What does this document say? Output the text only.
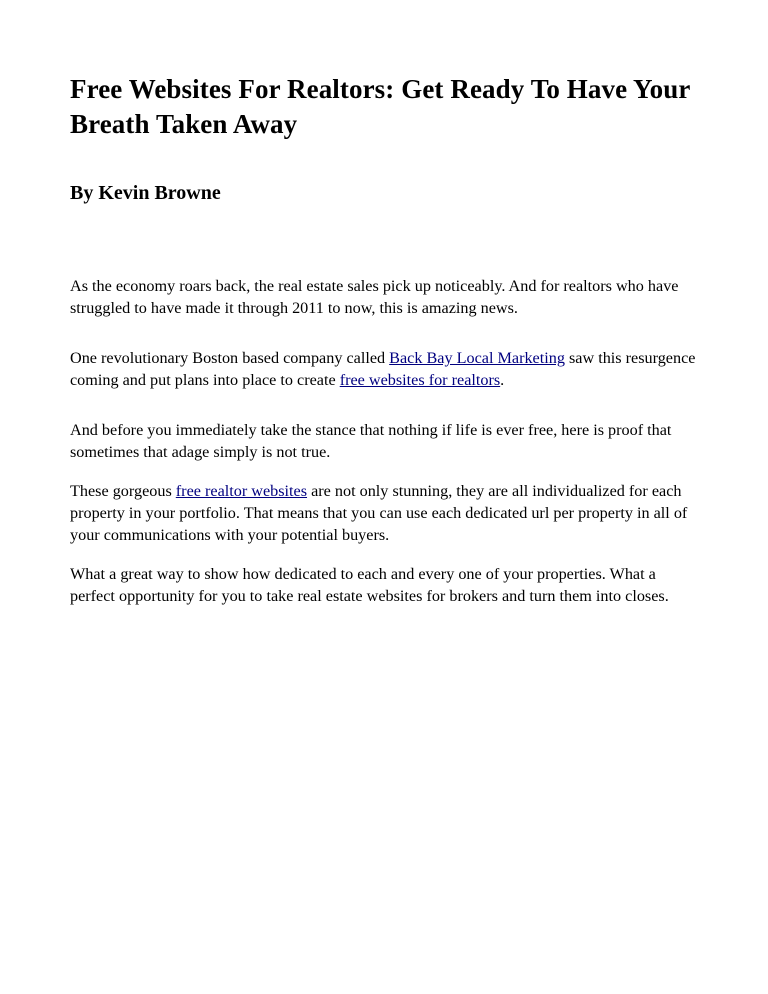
Free Websites For Realtors: Get Ready To Have Your Breath Taken Away
By Kevin Browne

As the economy roars back, the real estate sales pick up noticeably. And for realtors who have struggled to have made it through 2011 to now, this is amazing news.

One revolutionary Boston based company called Back Bay Local Marketing saw this resurgence coming and put plans into place to create free websites for realtors.

And before you immediately take the stance that nothing if life is ever free, here is proof that sometimes that adage simply is not true.

These gorgeous free realtor websites are not only stunning, they are all individualized for each property in your portfolio. That means that you can use each dedicated url per property in all of your communications with your potential buyers.

What a great way to show how dedicated to each and every one of your properties. What a perfect opportunity for you to take real estate websites for brokers and turn them into closes.
